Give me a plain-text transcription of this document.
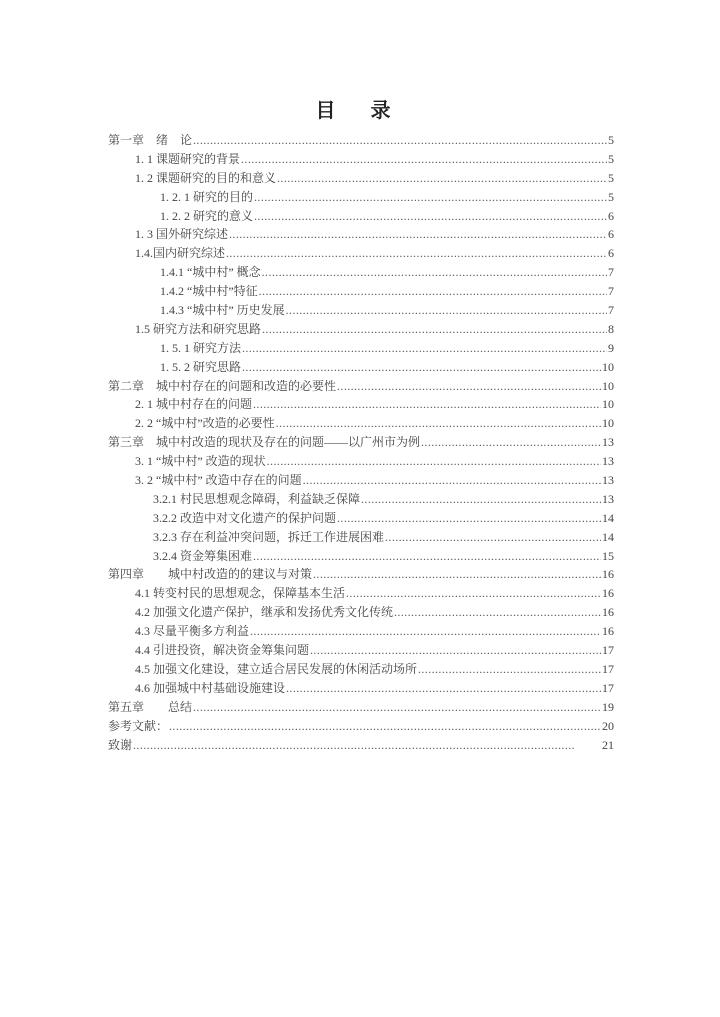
目 录
第一章　绪　论 . . .	5
1. 1 课题研究的背景 . . .	5
1. 2 课题研究的目的和意义 . . .	5
1. 2. 1 研究的目的 . . .	5
1. 2. 2 研究的意义 . . .	6
1. 3 国外研究综述 . . .	6
1.4.国内研究综述 . . .	6
1.4.1 “城中村” 概念 . . .	7
1.4.2 “城中村”特征 . . .	7
1.4.3 “城中村” 历史发展 . . .	7
1.5 研究方法和研究思路 . . .	8
1. 5. 1 研究方法 . . .	9
1. 5. 2 研究思路 . . .	10
第二章　城中村存在的问题和改造的必要性 . . .	10
2. 1 城中村存在的问题 . . .	10
2. 2 “城中村”改造的必要性 . . .	10
第三章　城中村改造的现状及存在的问题——以广州市为例 . . .	13
3. 1 “城中村” 改造的现状 . . .	13
3. 2 “城中村” 改造中存在的问题 . . .	13
3.2.1 村民思想观念障碍，利益缺乏保障 . . .	13
3.2.2 改造中对文化遗产的保护问题 . . .	14
3.2.3 存在利益冲突问题，拆迁工作进展困难 . . .	14
3.2.4 资金筹集困难 . . .	15
第四章　　城中村改造的的建议与对策 . . .	16
4.1 转变村民的思想观念，保障基本生活 . . .	16
4.2 加强文化遗产保护，继承和发扬优秀文化传统 . . .	16
4.3 尽量平衡多方利益 . . .	16
4.4 引进投资，解决资金筹集问题 . . .	17
4.5 加强文化建设，建立适合居民发展的休闲活动场所 . . .	17
4.6 加强城中村基础设施建设 . . .	17
第五章　　总结 . . .	19
参考文献： . . .	20
致谢 . . .	21
